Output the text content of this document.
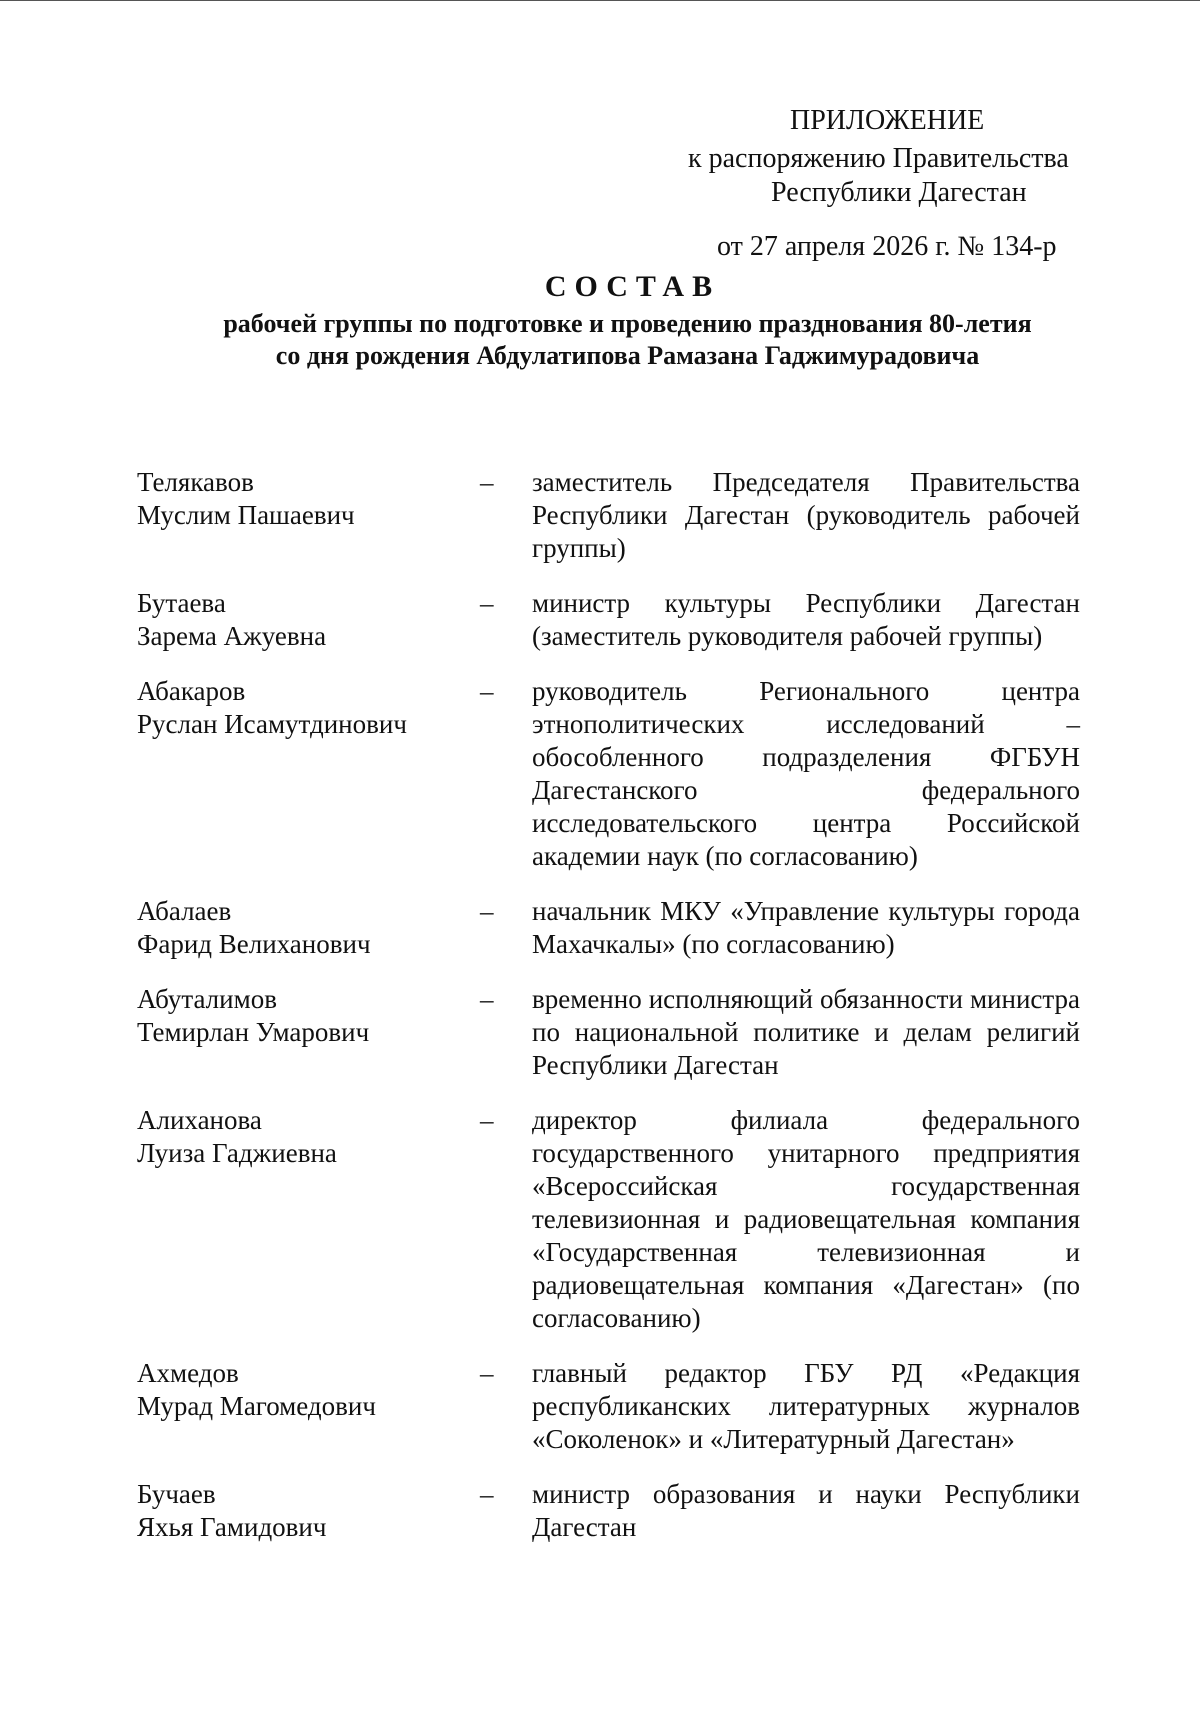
ПРИЛОЖЕНИЕ
к распоряжению Правительства
Республики Дагестан
от 27 апреля 2026 г. № 134-р
СОСТАВ
рабочей группы по подготовке и проведению празднования 80-летия
со дня рождения Абдулатипова Рамазана Гаджимурадовича
Телякавов
Муслим Пашаевич
–	заместитель Председателя Правительства Республики Дагестан (руководитель рабочей группы)
Бутаева
Зарема Ажуевна
–	министр культуры Республики Дагестан (заместитель руководителя рабочей группы)
Абакаров
Руслан Исамутдинович
–	руководитель Регионального центра этнополитических исследований – обособленного подразделения ФГБУН Дагестанского федерального исследовательского центра Российской академии наук (по согласованию)
Абалаев
Фарид Велиханович
–	начальник МКУ «Управление культуры города Махачкалы» (по согласованию)
Абуталимов
Темирлан Умарович
–	временно исполняющий обязанности министра по национальной политике и делам религий Республики Дагестан
Алиханова
Луиза Гаджиевна
–	директор филиала федерального государственного унитарного предприятия «Всероссийская государственная телевизионная и радиовещательная компания «Государственная телевизионная и радиовещательная компания «Дагестан» (по согласованию)
Ахмедов
Мурад Магомедович
–	главный редактор ГБУ РД «Редакция республиканских литературных журналов «Соколенок» и «Литературный Дагестан»
Бучаев
Яхья Гамидович
–	министр образования и науки Республики Дагестан
